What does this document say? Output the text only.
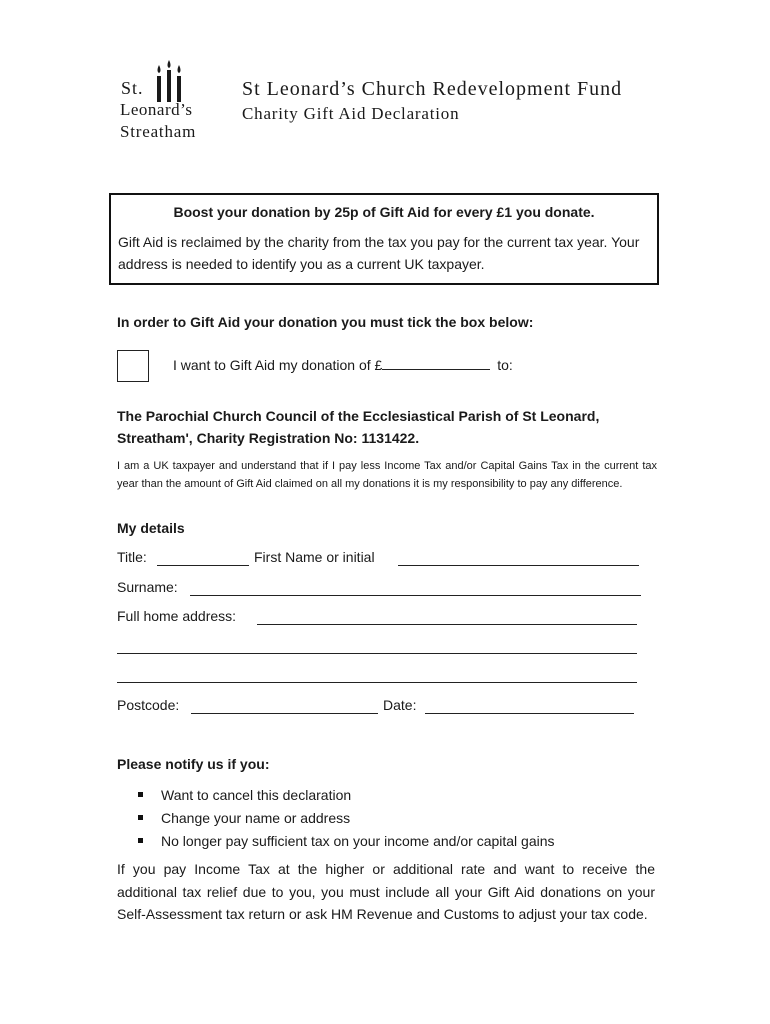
St.
Leonard’s
Streatham
St Leonard’s Church Redevelopment Fund
Charity Gift Aid Declaration
Boost your donation by 25p of Gift Aid for every £1 you donate.
Gift Aid is reclaimed by the charity from the tax you pay for the current tax year. Your address is needed to identify you as a current UK taxpayer.
In order to Gift Aid your donation you must tick the box below:
I want to Gift Aid my donation of £	to:
The Parochial Church Council of the Ecclesiastical Parish of St Leonard, Streatham', Charity Registration No: 1131422.
I am a UK taxpayer and understand that if I pay less Income Tax and/or Capital Gains Tax in the current tax year than the amount of Gift Aid claimed on all my donations it is my responsibility to pay any difference.
My details
Title:	First Name or initial
Surname:
Full home address:
Postcode:	Date:
Please notify us if you:
Want to cancel this declaration
Change your name or address
No longer pay sufficient tax on your income and/or capital gains
If you pay Income Tax at the higher or additional rate and want to receive the additional tax relief due to you, you must include all your Gift Aid donations on your Self-Assessment tax return or ask HM Revenue and Customs to adjust your tax code.
